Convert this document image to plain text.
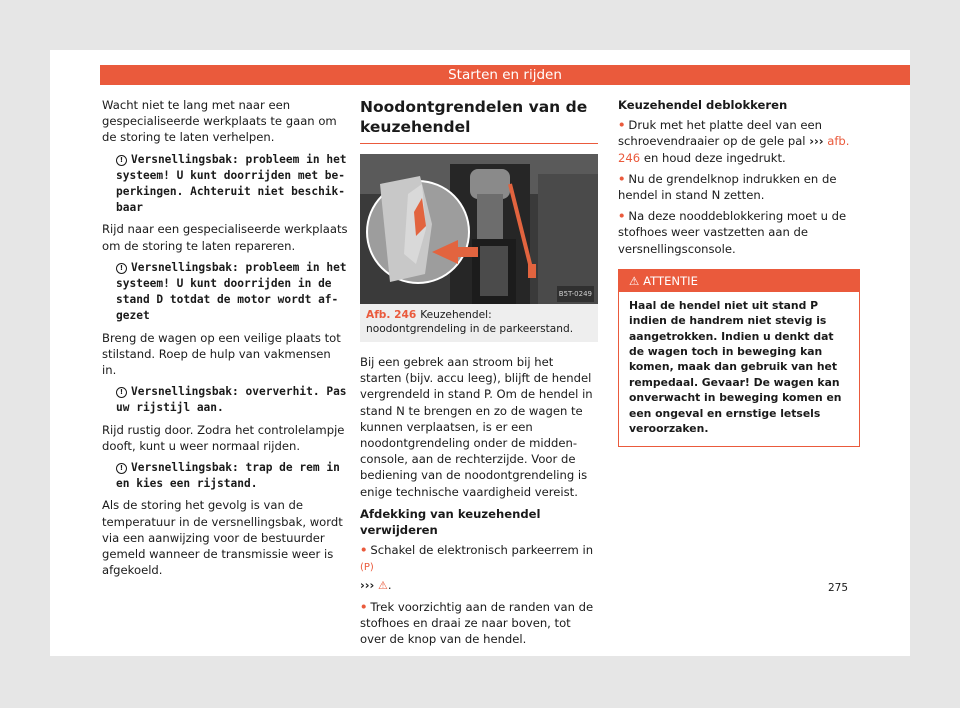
Starten en rijden

Wacht niet te lang met naar een gespecialiseerde werkplaats te gaan om de storing te laten verhelpen.

! Versnellingsbak: probleem in het systeem! U kunt doorrijden met beperkingen. Achteruit niet beschikbaar

Rijd naar een gespecialiseerde werkplaats om de storing te laten repareren.

! Versnellingsbak: probleem in het systeem! U kunt doorrijden in de stand D totdat de motor wordt afgezet

Breng de wagen op een veilige plaats tot stilstand. Roep de hulp van vakmensen in.

! Versnellingsbak: oververhit. Pas uw rijstijl aan.

Rijd rustig door. Zodra het controlelampje dooft, kunt u weer normaal rijden.

! Versnellingsbak: trap de rem in en kies een rijstand.

Als de storing het gevolg is van de temperatuur in de versnellingsbak, wordt via een aanwijzing voor de bestuurder gemeld wanneer de transmissie weer is afgekoeld.

Noodontgrendelen van de keuzehendel
B5T-0249
Afb. 246 Keuzehendel: noodontgrendeling in de parkeerstand.

Bij een gebrek aan stroom bij het starten (bijv. accu leeg), blijft de hendel vergrendeld in stand P. Om de hendel in stand N te brengen en zo de wagen te kunnen verplaatsen, is er een noodontgrendeling onder de middenconsole, aan de rechterzijde. Voor de bediening van de noodontgrendeling is enige technische vaardigheid vereist.

Afdekking van keuzehendel verwijderen

• Schakel de elektronisch parkeerrem in (P)
››› ⚠.

• Trek voorzichtig aan de randen van de stofhoes en draai ze naar boven, tot over de knop van de hendel.

Keuzehendel deblokkeren

• Druk met het platte deel van een schroevendraaier op de gele pal ››› afb. 246 en houd deze ingedrukt.

• Nu de grendelknop indrukken en de hendel in stand N zetten.

• Na deze nooddeblokkering moet u de stofhoes weer vastzetten aan de versnellingsconsole.

⚠ ATTENTIE
Haal de hendel niet uit stand P indien de handrem niet stevig is aangetrokken. Indien u denkt dat de wagen toch in beweging kan komen, maak dan gebruik van het rempedaal. Gevaar! De wagen kan onverwacht in beweging komen en een ongeval en ernstige letsels veroorzaken.
275
